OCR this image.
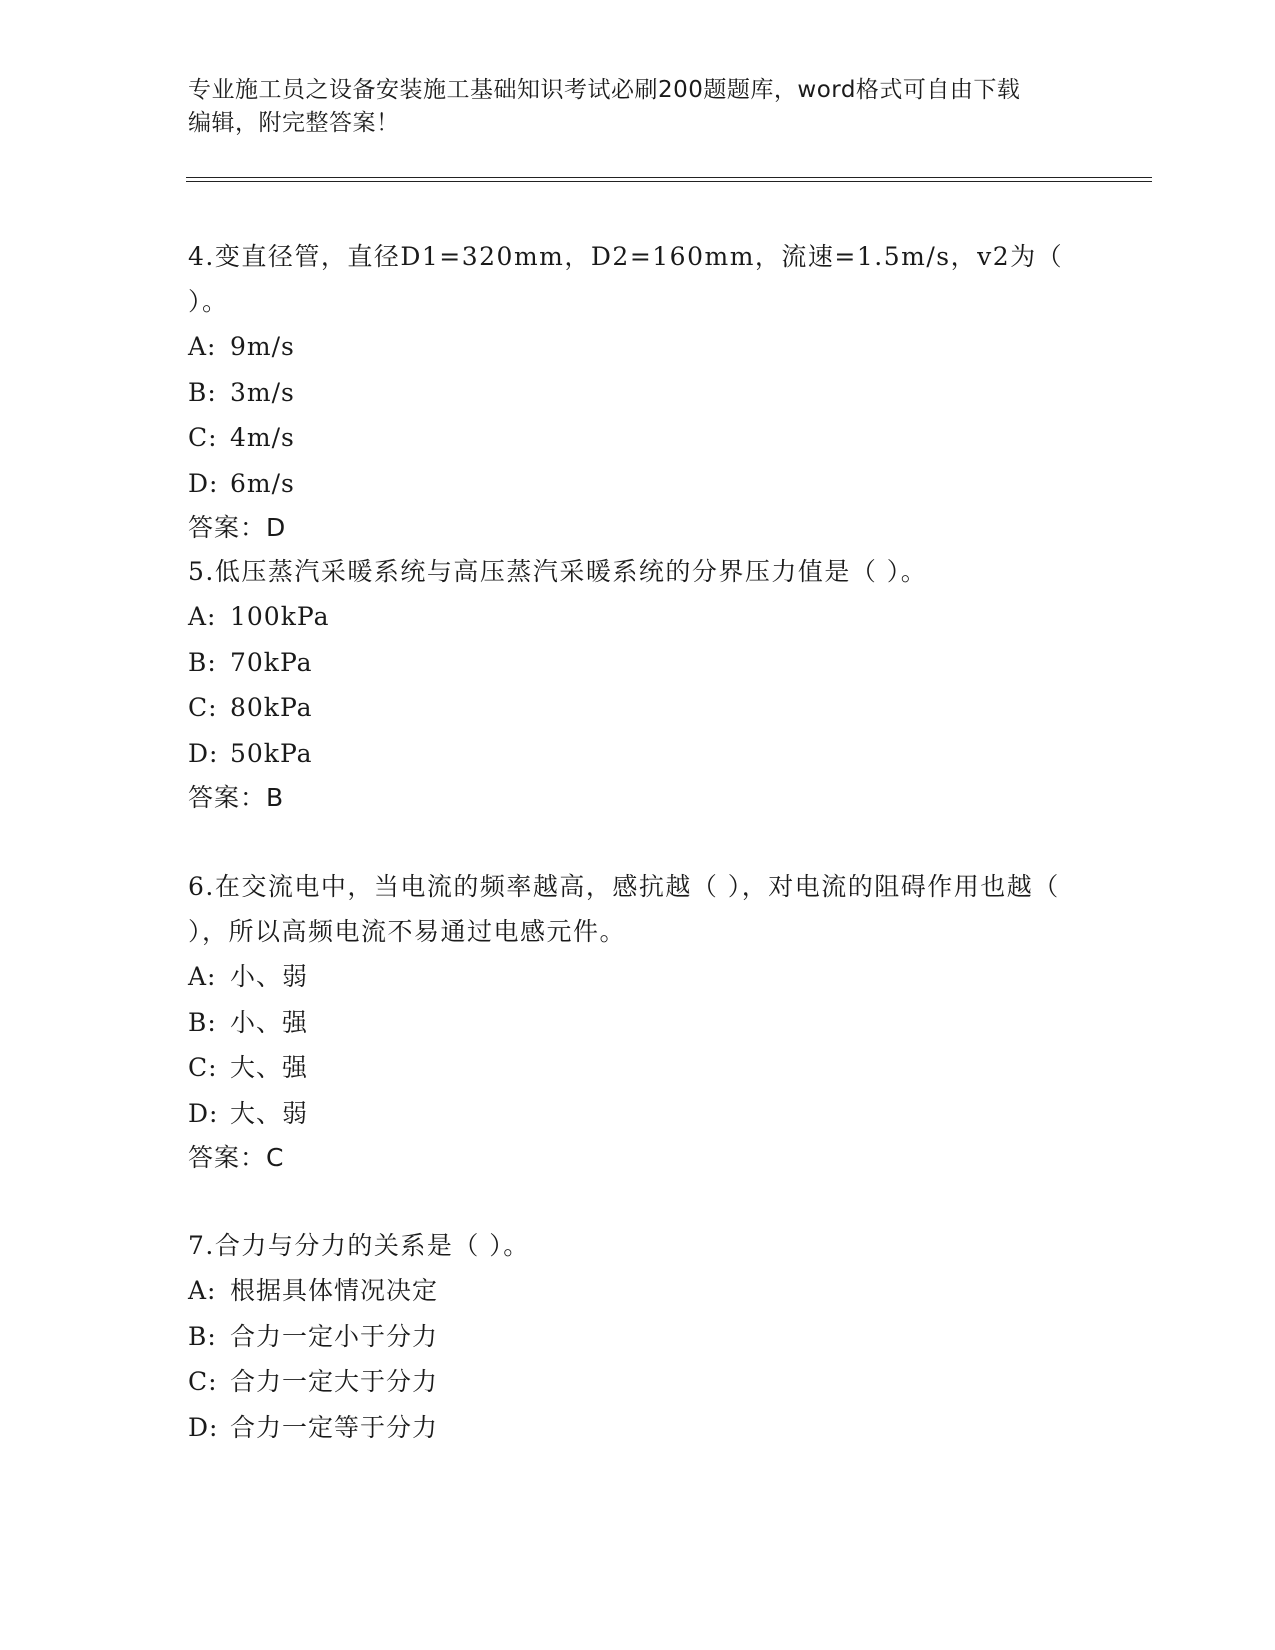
专业施工员之设备安装施工基础知识考试必刷200题题库，word格式可自由下载
编辑，附完整答案！
4.变直径管，直径D1=320mm，D2=160mm，流速=1.5m/s，v2为（ ）。
A: 9m/s
B: 3m/s
C: 4m/s
D: 6m/s
答案：D
5.低压蒸汽采暖系统与高压蒸汽采暖系统的分界压力值是（ ）。
A: 100kPa
B: 70kPa
C: 80kPa
D: 50kPa
答案：B
6.在交流电中，当电流的频率越高，感抗越（ ），对电流的阻碍作用也越（ ），所以高频电流不易通过电感元件。
A: 小、弱
B: 小、强
C: 大、强
D: 大、弱
答案：C
7.合力与分力的关系是（ ）。
A: 根据具体情况决定
B: 合力一定小于分力
C: 合力一定大于分力
D: 合力一定等于分力
